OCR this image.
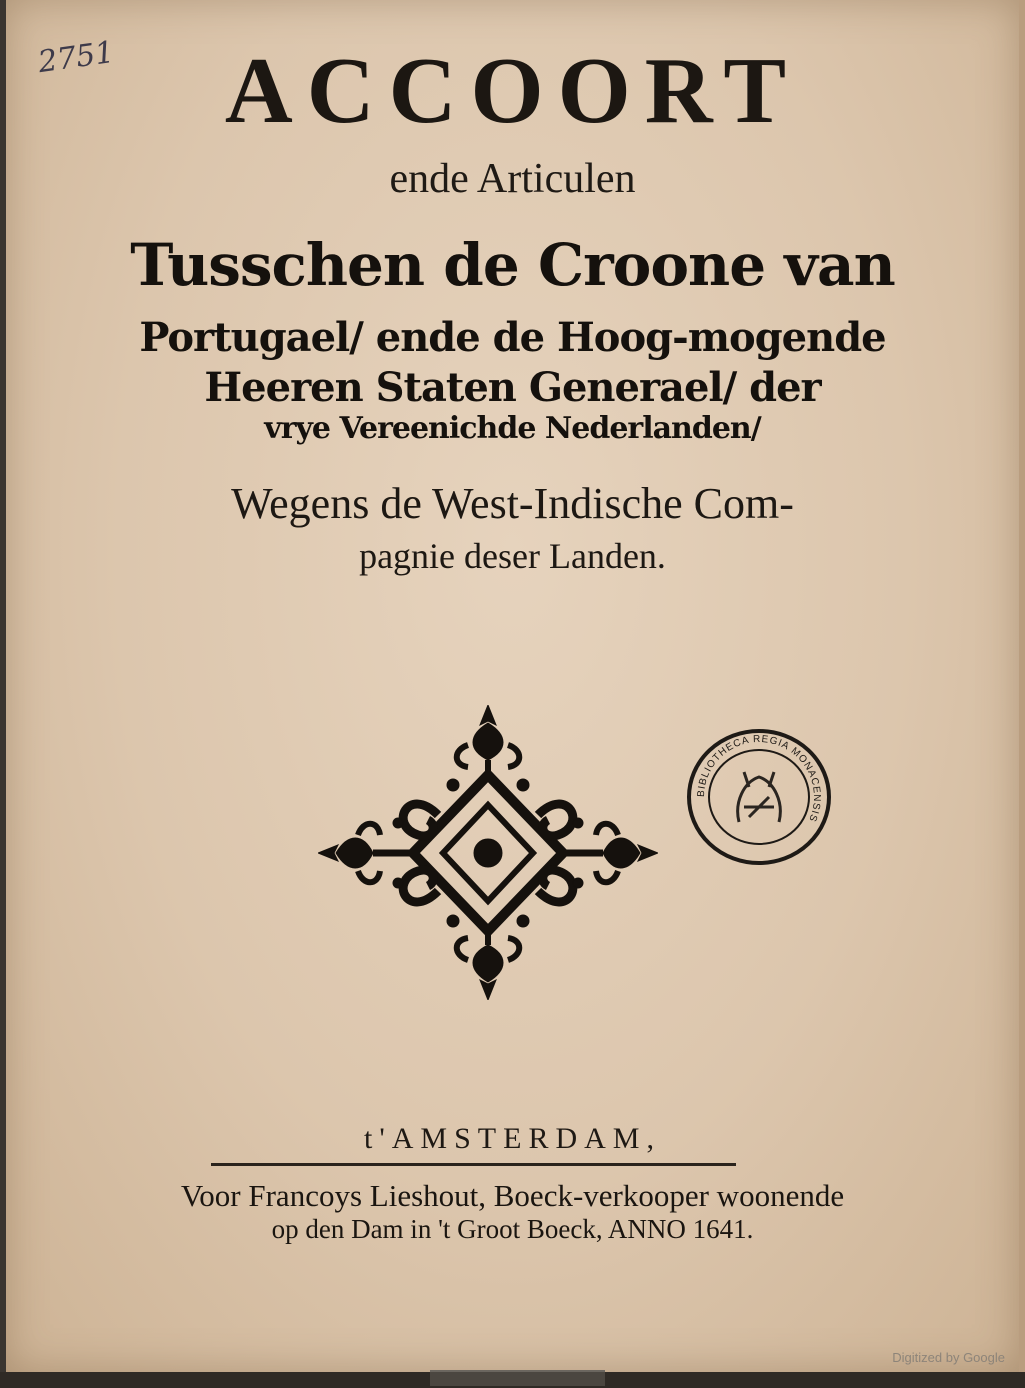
2751	ACCOORT
ende Articulen
Tusschen de Croone van
Portugael/ ende de Hoog-mogende
Heeren Staten Generael/ der
vrye Vereenichde Nederlanden/
Wegens de West-Indische Com-
pagnie deser Landen.
BIBLIOTHECA REGIA MONACENSIS
t'AMSTERDAM,
Voor Francoys Lieshout, Boeck-verkooper woonende
op den Dam in 't Groot Boeck, ANNO 1641.
Digitized by Google
